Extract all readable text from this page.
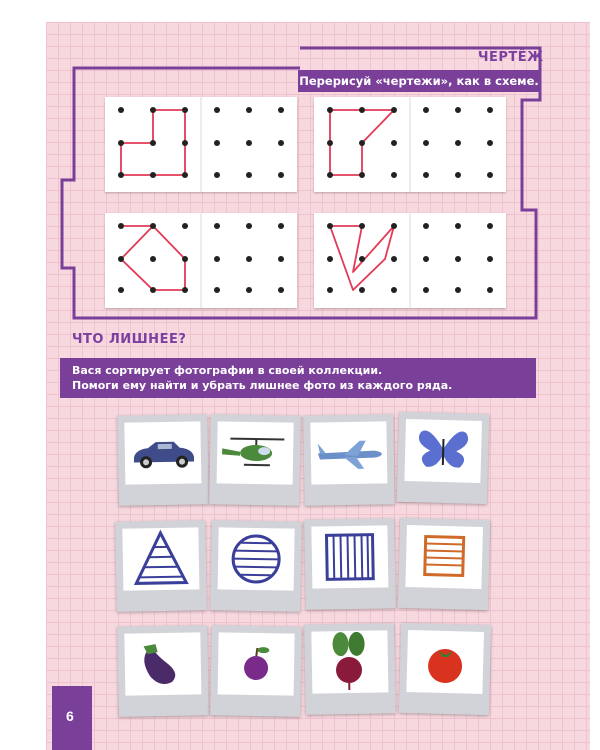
ЧЕРТЁЖ
Перерисуй «чертежи», как в схеме.
ЧТО ЛИШНЕЕ?
Вася сортирует фотографии в своей коллекции.
Помоги ему найти и убрать лишнее фото из каждого ряда.
6
